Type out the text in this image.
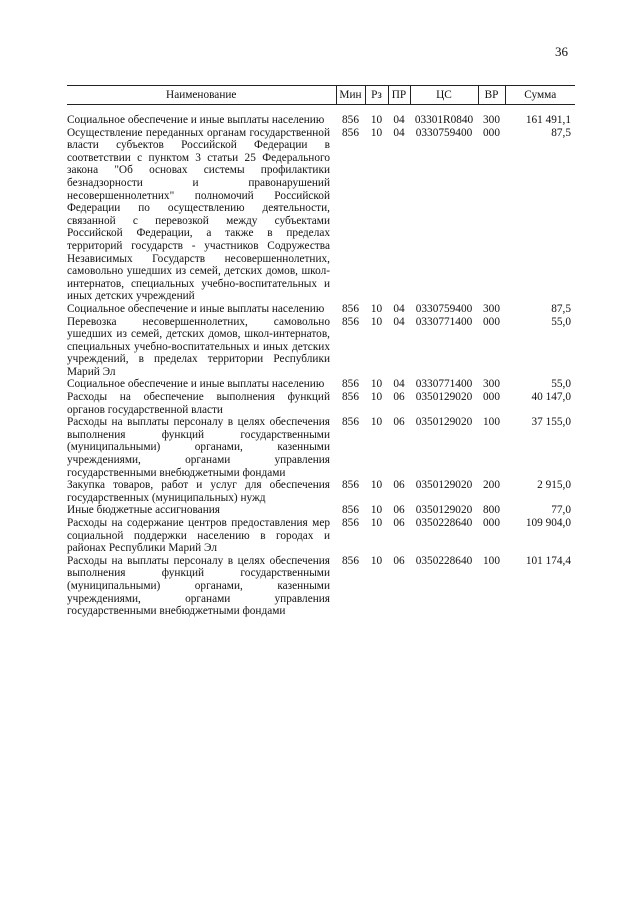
36
Наименование	Мин	Рз	ПР	ЦС	ВР	Сумма
Социальное обеспечение и иные выплаты населению	856	10	04	03301R0840	300	161 491,1
Осуществление переданных органам государственной власти субъектов Российской Федерации в соответствии с пунктом 3 статьи 25 Федерального закона "Об основах системы профилактики безнадзорности и правонарушений несовершеннолетних" полномочий Российской Федерации по осуществлению деятельности, связанной с перевозкой между субъектами Российской Федерации, а также в пределах территорий государств - участников Содружества Независимых Государств несовершеннолетних, самовольно ушедших из семей, детских домов, школ-интернатов, специальных учебно-воспитательных и иных детских учреждений	856	10	04	0330759400	000	87,5
Социальное обеспечение и иные выплаты населению	856	10	04	0330759400	300	87,5
Перевозка несовершеннолетних, самовольно ушедших из семей, детских домов, школ-интернатов, специальных учебно-воспитательных и иных детских учреждений, в пределах территории Республики Марий Эл	856	10	04	0330771400	000	55,0
Социальное обеспечение и иные выплаты населению	856	10	04	0330771400	300	55,0
Расходы на обеспечение выполнения функций органов государственной власти	856	10	06	0350129020	000	40 147,0
Расходы на выплаты персоналу в целях обеспечения выполнения функций государственными (муниципальными) органами, казенными учреждениями, органами управления государственными внебюджетными фондами	856	10	06	0350129020	100	37 155,0
Закупка товаров, работ и услуг для обеспечения государственных (муниципальных) нужд	856	10	06	0350129020	200	2 915,0
Иные бюджетные ассигнования	856	10	06	0350129020	800	77,0
Расходы на содержание центров предоставления мер социальной поддержки населению в городах и районах Республики Марий Эл	856	10	06	0350228640	000	109 904,0
Расходы на выплаты персоналу в целях обеспечения выполнения функций государственными (муниципальными) органами, казенными учреждениями, органами управления государственными внебюджетными фондами	856	10	06	0350228640	100	101 174,4
